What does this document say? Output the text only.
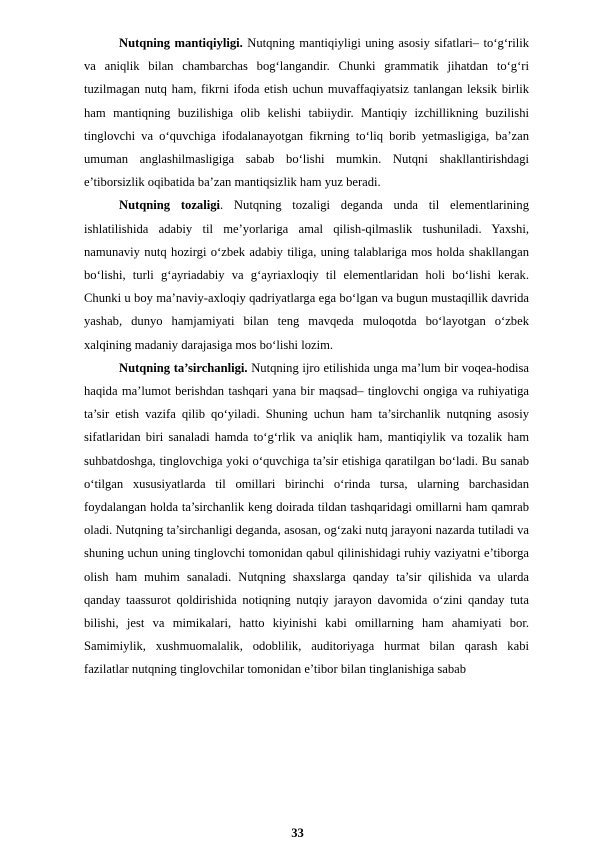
Nutqning mantiqiyligi. Nutqning mantiqiyligi uning asosiy sifatlari– to‘g‘rilik va aniqlik bilan chambarchas bog‘langandir. Chunki grammatik jihatdan to‘g‘ri tuzilmagan nutq ham, fikrni ifoda etish uchun muvaffaqiyatsiz tanlangan leksik birlik ham mantiqning buzilishiga olib kelishi tabiiydir. Mantiqiy izchillikning buzilishi tinglovchi va o‘quvchiga ifodalanayotgan fikrning to‘liq borib yetmasligiga, ba’zan umuman anglashilmasligiga sabab bo‘lishi mumkin. Nutqni shakllantirishdagi e’tiborsizlik oqibatida ba’zan mantiqsizlik ham yuz beradi.

Nutqning tozaligi. Nutqning tozaligi deganda unda til elementlarining ishlatilishida adabiy til me’yorlariga amal qilish-qilmaslik tushuniladi. Yaxshi, namunaviy nutq hozirgi o‘zbek adabiy tiliga, uning talablariga mos holda shakllangan bo‘lishi, turli g‘ayriadabiy va g‘ayriaxloqiy til elementlaridan holi bo‘lishi kerak. Chunki u boy ma’naviy-axloqiy qadriyatlarga ega bo‘lgan va bugun mustaqillik davrida yashab, dunyo hamjamiyati bilan teng mavqeda muloqotda bo‘layotgan o‘zbek xalqining madaniy darajasiga mos bo‘lishi lozim.

Nutqning ta’sirchanligi. Nutqning ijro etilishida unga ma’lum bir voqea-hodisa haqida ma’lumot berishdan tashqari yana bir maqsad– tinglovchi ongiga va ruhiyatiga ta’sir etish vazifa qilib qo‘yiladi. Shuning uchun ham ta’sirchanlik nutqning asosiy sifatlaridan biri sanaladi hamda to‘g‘rlik va aniqlik ham, mantiqiylik va tozalik ham suhbatdoshga, tinglovchiga yoki o‘quvchiga ta’sir etishiga qaratilgan bo‘ladi. Bu sanab o‘tilgan xususiyatlarda til omillari birinchi o‘rinda tursa, ularning barchasidan foydalangan holda ta’sirchanlik keng doirada tildan tashqaridagi omillarni ham qamrab oladi. Nutqning ta’sirchanligi deganda, asosan, og‘zaki nutq jarayoni nazarda tutiladi va shuning uchun uning tinglovchi tomonidan qabul qilinishidagi ruhiy vaziyatni e’tiborga olish ham muhim sanaladi. Nutqning shaxslarga qanday ta’sir qilishida va ularda qanday taassurot qoldirishida notiqning nutqiy jarayon davomida o‘zini qanday tuta bilishi, jest va mimikalari, hatto kiyinishi kabi omillarning ham ahamiyati bor. Samimiylik, xushmuomalalik, odoblilik, auditoriyaga hurmat bilan qarash kabi fazilatlar nutqning tinglovchilar tomonidan e’tibor bilan tinglanishiga sabab

33
